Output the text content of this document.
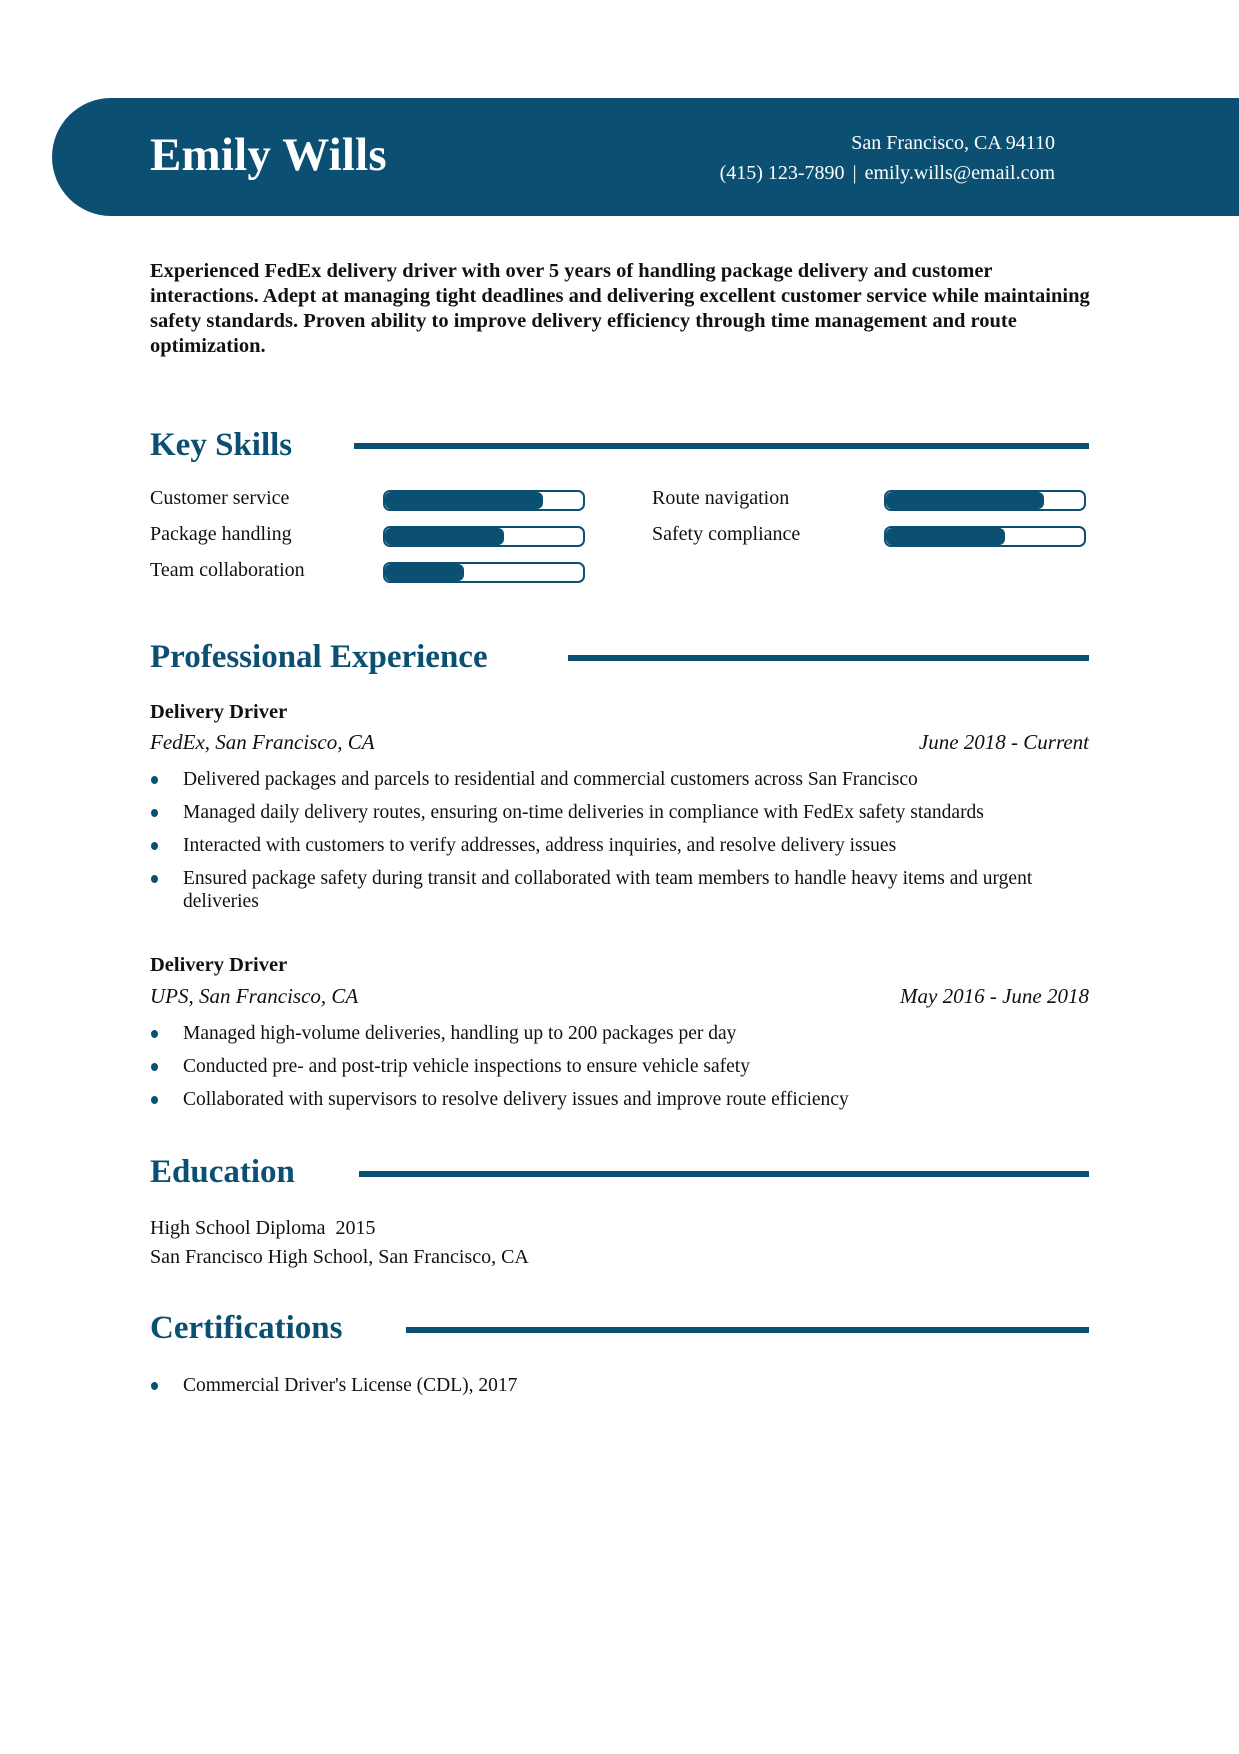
Emily Wills	San Francisco, CA 94110
(415) 123-7890 | emily.wills@email.com
Experienced FedEx delivery driver with over 5 years of handling package delivery and customer interactions. Adept at managing tight deadlines and delivering excellent customer service while maintaining safety standards. Proven ability to improve delivery efficiency through time management and route optimization.
Key Skills
Customer service	Route navigation
Package handling	Safety compliance
Team collaboration
Professional Experience
Delivery Driver
FedEx, San Francisco, CA	June 2018 - Current
Delivered packages and parcels to residential and commercial customers across San Francisco
Managed daily delivery routes, ensuring on-time deliveries in compliance with FedEx safety standards
Interacted with customers to verify addresses, address inquiries, and resolve delivery issues
Ensured package safety during transit and collaborated with team members to handle heavy items and urgent deliveries
Delivery Driver
UPS, San Francisco, CA	May 2016 - June 2018
Managed high-volume deliveries, handling up to 200 packages per day
Conducted pre- and post-trip vehicle inspections to ensure vehicle safety
Collaborated with supervisors to resolve delivery issues and improve route efficiency
Education
High School Diploma  2015
San Francisco High School, San Francisco, CA
Certifications
Commercial Driver's License (CDL), 2017
